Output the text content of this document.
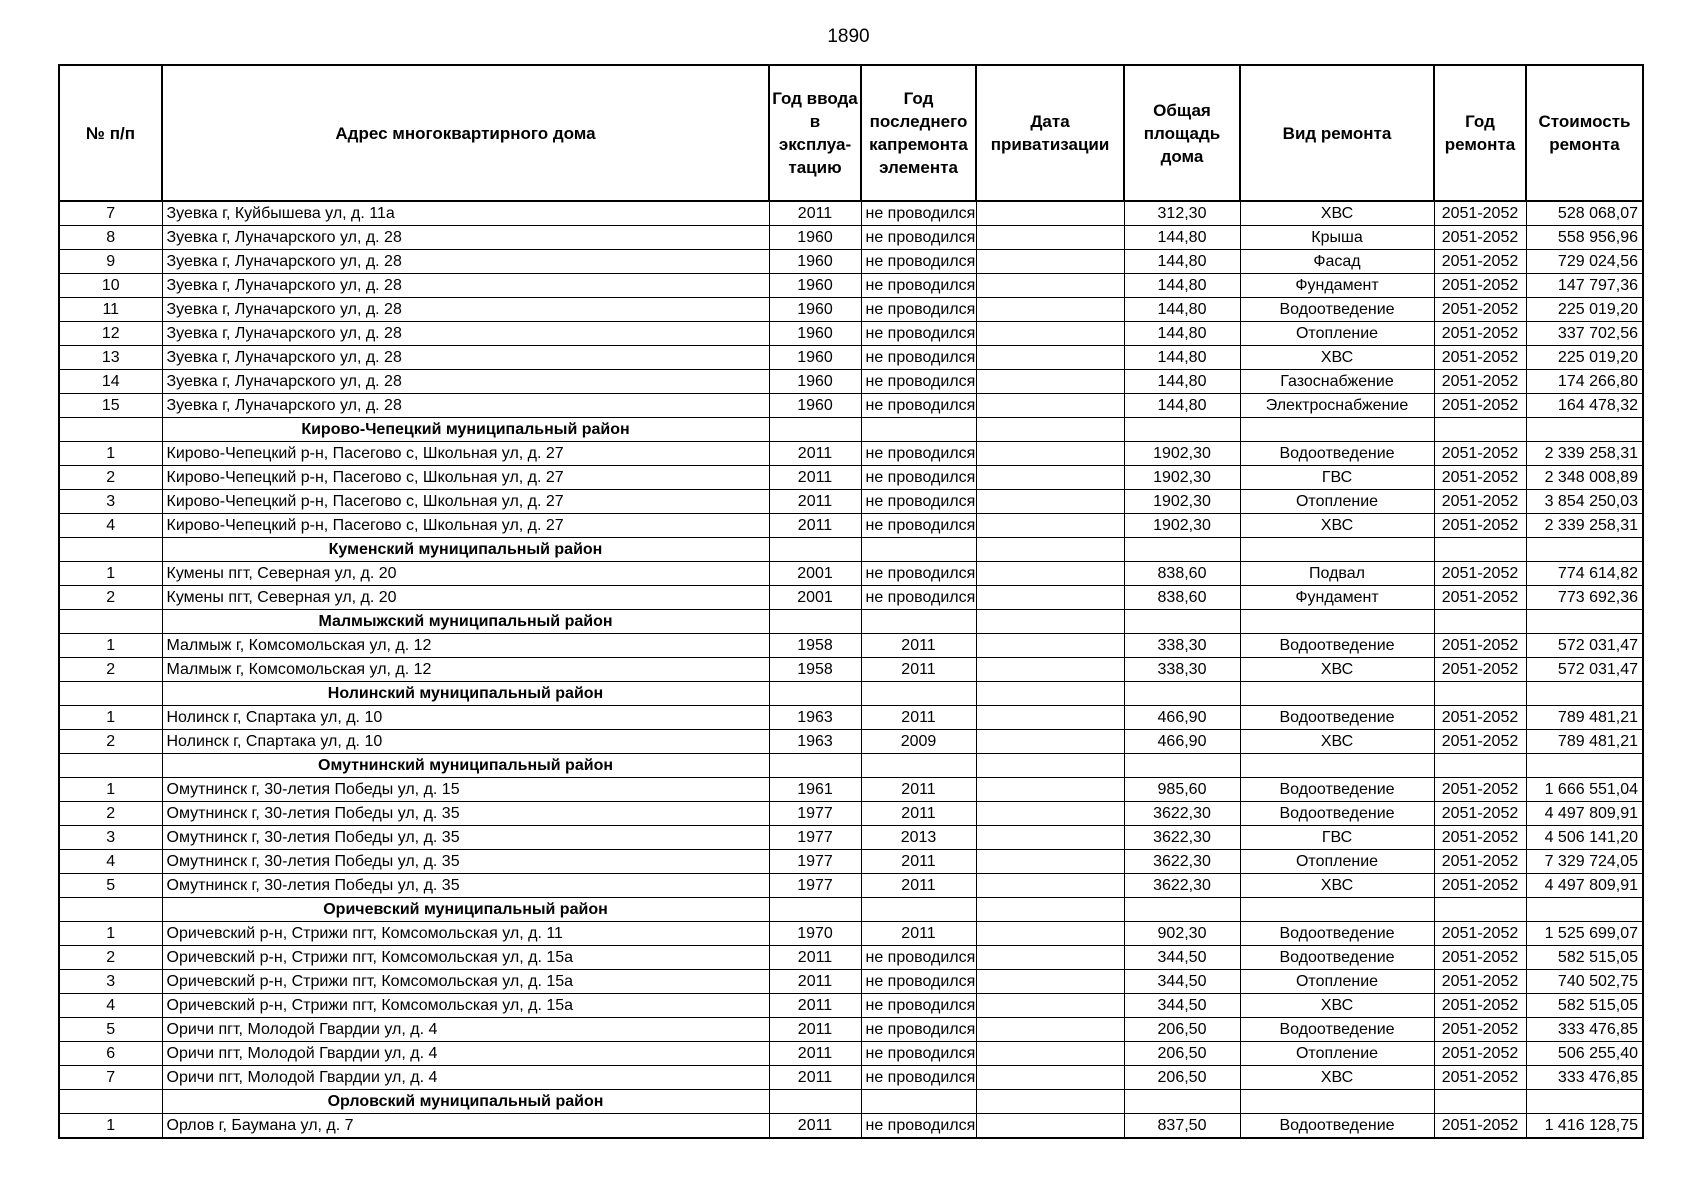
1890
№ п/п	Адрес многоквартирного дома	Год ввода в эксплуа- тацию	Год последнего капремонта элемента	Дата приватизации	Общая площадь дома	Вид ремонта	Год ремонта	Стоимость ремонта
7	Зуевка г, Куйбышева ул, д. 11а	2011	не проводился		312,30	ХВС	2051-2052	528 068,07
8	Зуевка г, Луначарского ул, д. 28	1960	не проводился		144,80	Крыша	2051-2052	558 956,96
9	Зуевка г, Луначарского ул, д. 28	1960	не проводился		144,80	Фасад	2051-2052	729 024,56
10	Зуевка г, Луначарского ул, д. 28	1960	не проводился		144,80	Фундамент	2051-2052	147 797,36
11	Зуевка г, Луначарского ул, д. 28	1960	не проводился		144,80	Водоотведение	2051-2052	225 019,20
12	Зуевка г, Луначарского ул, д. 28	1960	не проводился		144,80	Отопление	2051-2052	337 702,56
13	Зуевка г, Луначарского ул, д. 28	1960	не проводился		144,80	ХВС	2051-2052	225 019,20
14	Зуевка г, Луначарского ул, д. 28	1960	не проводился		144,80	Газоснабжение	2051-2052	174 266,80
15	Зуевка г, Луначарского ул, д. 28	1960	не проводился		144,80	Электроснабжение	2051-2052	164 478,32
	Кирово-Чепецкий муниципальный район							
1	Кирово-Чепецкий р-н, Пасегово с, Школьная ул, д. 27	2011	не проводился		1902,30	Водоотведение	2051-2052	2 339 258,31
2	Кирово-Чепецкий р-н, Пасегово с, Школьная ул, д. 27	2011	не проводился		1902,30	ГВС	2051-2052	2 348 008,89
3	Кирово-Чепецкий р-н, Пасегово с, Школьная ул, д. 27	2011	не проводился		1902,30	Отопление	2051-2052	3 854 250,03
4	Кирово-Чепецкий р-н, Пасегово с, Школьная ул, д. 27	2011	не проводился		1902,30	ХВС	2051-2052	2 339 258,31
	Куменский муниципальный район							
1	Кумены пгт, Северная ул, д. 20	2001	не проводился		838,60	Подвал	2051-2052	774 614,82
2	Кумены пгт, Северная ул, д. 20	2001	не проводился		838,60	Фундамент	2051-2052	773 692,36
	Малмыжский муниципальный район							
1	Малмыж г, Комсомольская ул, д. 12	1958	2011		338,30	Водоотведение	2051-2052	572 031,47
2	Малмыж г, Комсомольская ул, д. 12	1958	2011		338,30	ХВС	2051-2052	572 031,47
	Нолинский муниципальный район							
1	Нолинск г, Спартака ул, д. 10	1963	2011		466,90	Водоотведение	2051-2052	789 481,21
2	Нолинск г, Спартака ул, д. 10	1963	2009		466,90	ХВС	2051-2052	789 481,21
	Омутнинский муниципальный район							
1	Омутнинск г, 30-летия Победы ул, д. 15	1961	2011		985,60	Водоотведение	2051-2052	1 666 551,04
2	Омутнинск г, 30-летия Победы ул, д. 35	1977	2011		3622,30	Водоотведение	2051-2052	4 497 809,91
3	Омутнинск г, 30-летия Победы ул, д. 35	1977	2013		3622,30	ГВС	2051-2052	4 506 141,20
4	Омутнинск г, 30-летия Победы ул, д. 35	1977	2011		3622,30	Отопление	2051-2052	7 329 724,05
5	Омутнинск г, 30-летия Победы ул, д. 35	1977	2011		3622,30	ХВС	2051-2052	4 497 809,91
	Оричевский муниципальный район							
1	Оричевский р-н, Стрижи пгт, Комсомольская ул, д. 11	1970	2011		902,30	Водоотведение	2051-2052	1 525 699,07
2	Оричевский р-н, Стрижи пгт, Комсомольская ул, д. 15а	2011	не проводился		344,50	Водоотведение	2051-2052	582 515,05
3	Оричевский р-н, Стрижи пгт, Комсомольская ул, д. 15а	2011	не проводился		344,50	Отопление	2051-2052	740 502,75
4	Оричевский р-н, Стрижи пгт, Комсомольская ул, д. 15а	2011	не проводился		344,50	ХВС	2051-2052	582 515,05
5	Оричи пгт, Молодой Гвардии ул, д. 4	2011	не проводился		206,50	Водоотведение	2051-2052	333 476,85
6	Оричи пгт, Молодой Гвардии ул, д. 4	2011	не проводился		206,50	Отопление	2051-2052	506 255,40
7	Оричи пгт, Молодой Гвардии ул, д. 4	2011	не проводился		206,50	ХВС	2051-2052	333 476,85
	Орловский муниципальный район							
1	Орлов г, Баумана ул, д. 7	2011	не проводился		837,50	Водоотведение	2051-2052	1 416 128,75
